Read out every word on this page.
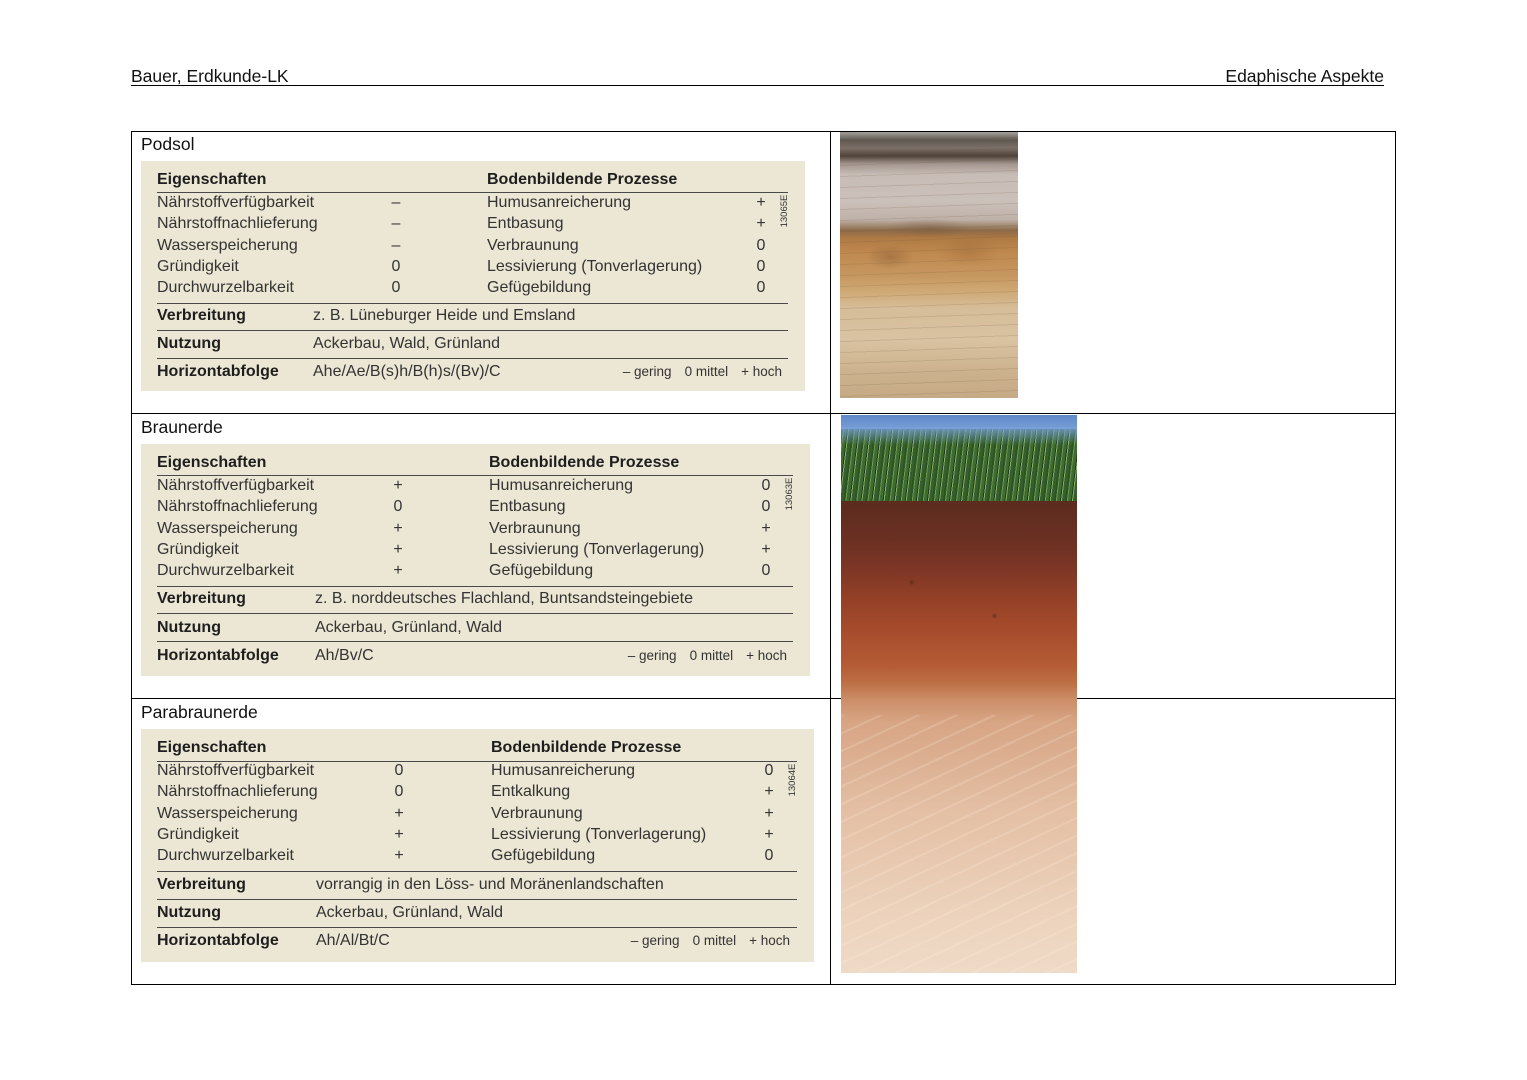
Bauer, Erdkunde-LK	Edaphische Aspekte
Podsol
Eigenschaften	Bodenbildende Prozesse
Nährstoffverfügbarkeit	–	Humusanreicherung	+
Nährstoffnachlieferung	–	Entbasung	+
Wasserspeicherung	–	Verbraunung	0
Gründigkeit	0	Lessivierung (Tonverlagerung)	0
Durchwurzelbarkeit	0	Gefügebildung	0
13065E
Verbreitung	z. B. Lüneburger Heide und Emsland
Nutzung	Ackerbau, Wald, Grünland
Horizontabfolge Ahe/Ae/B(s)h/B(h)s/(Bv)/C	– gering 0 mittel + hoch
Braunerde
Eigenschaften	Bodenbildende Prozesse
Nährstoffverfügbarkeit	+	Humusanreicherung	0
Nährstoffnachlieferung	0	Entbasung	0
Wasserspeicherung	+	Verbraunung	+
Gründigkeit	+	Lessivierung (Tonverlagerung)	+
Durchwurzelbarkeit	+	Gefügebildung	0
13063E
Verbreitung	z. B. norddeutsches Flachland, Buntsandsteingebiete
Nutzung	Ackerbau, Grünland, Wald
Horizontabfolge Ah/Bv/C	– gering 0 mittel + hoch
Parabraunerde
Eigenschaften	Bodenbildende Prozesse
Nährstoffverfügbarkeit	0	Humusanreicherung	0
Nährstoffnachlieferung	0	Entkalkung	+
Wasserspeicherung	+	Verbraunung	+
Gründigkeit	+	Lessivierung (Tonverlagerung)	+
Durchwurzelbarkeit	+	Gefügebildung	0
13064E
Verbreitung	vorrangig in den Löss- und Moränenlandschaften
Nutzung	Ackerbau, Grünland, Wald
Horizontabfolge Ah/Al/Bt/C	– gering 0 mittel + hoch
